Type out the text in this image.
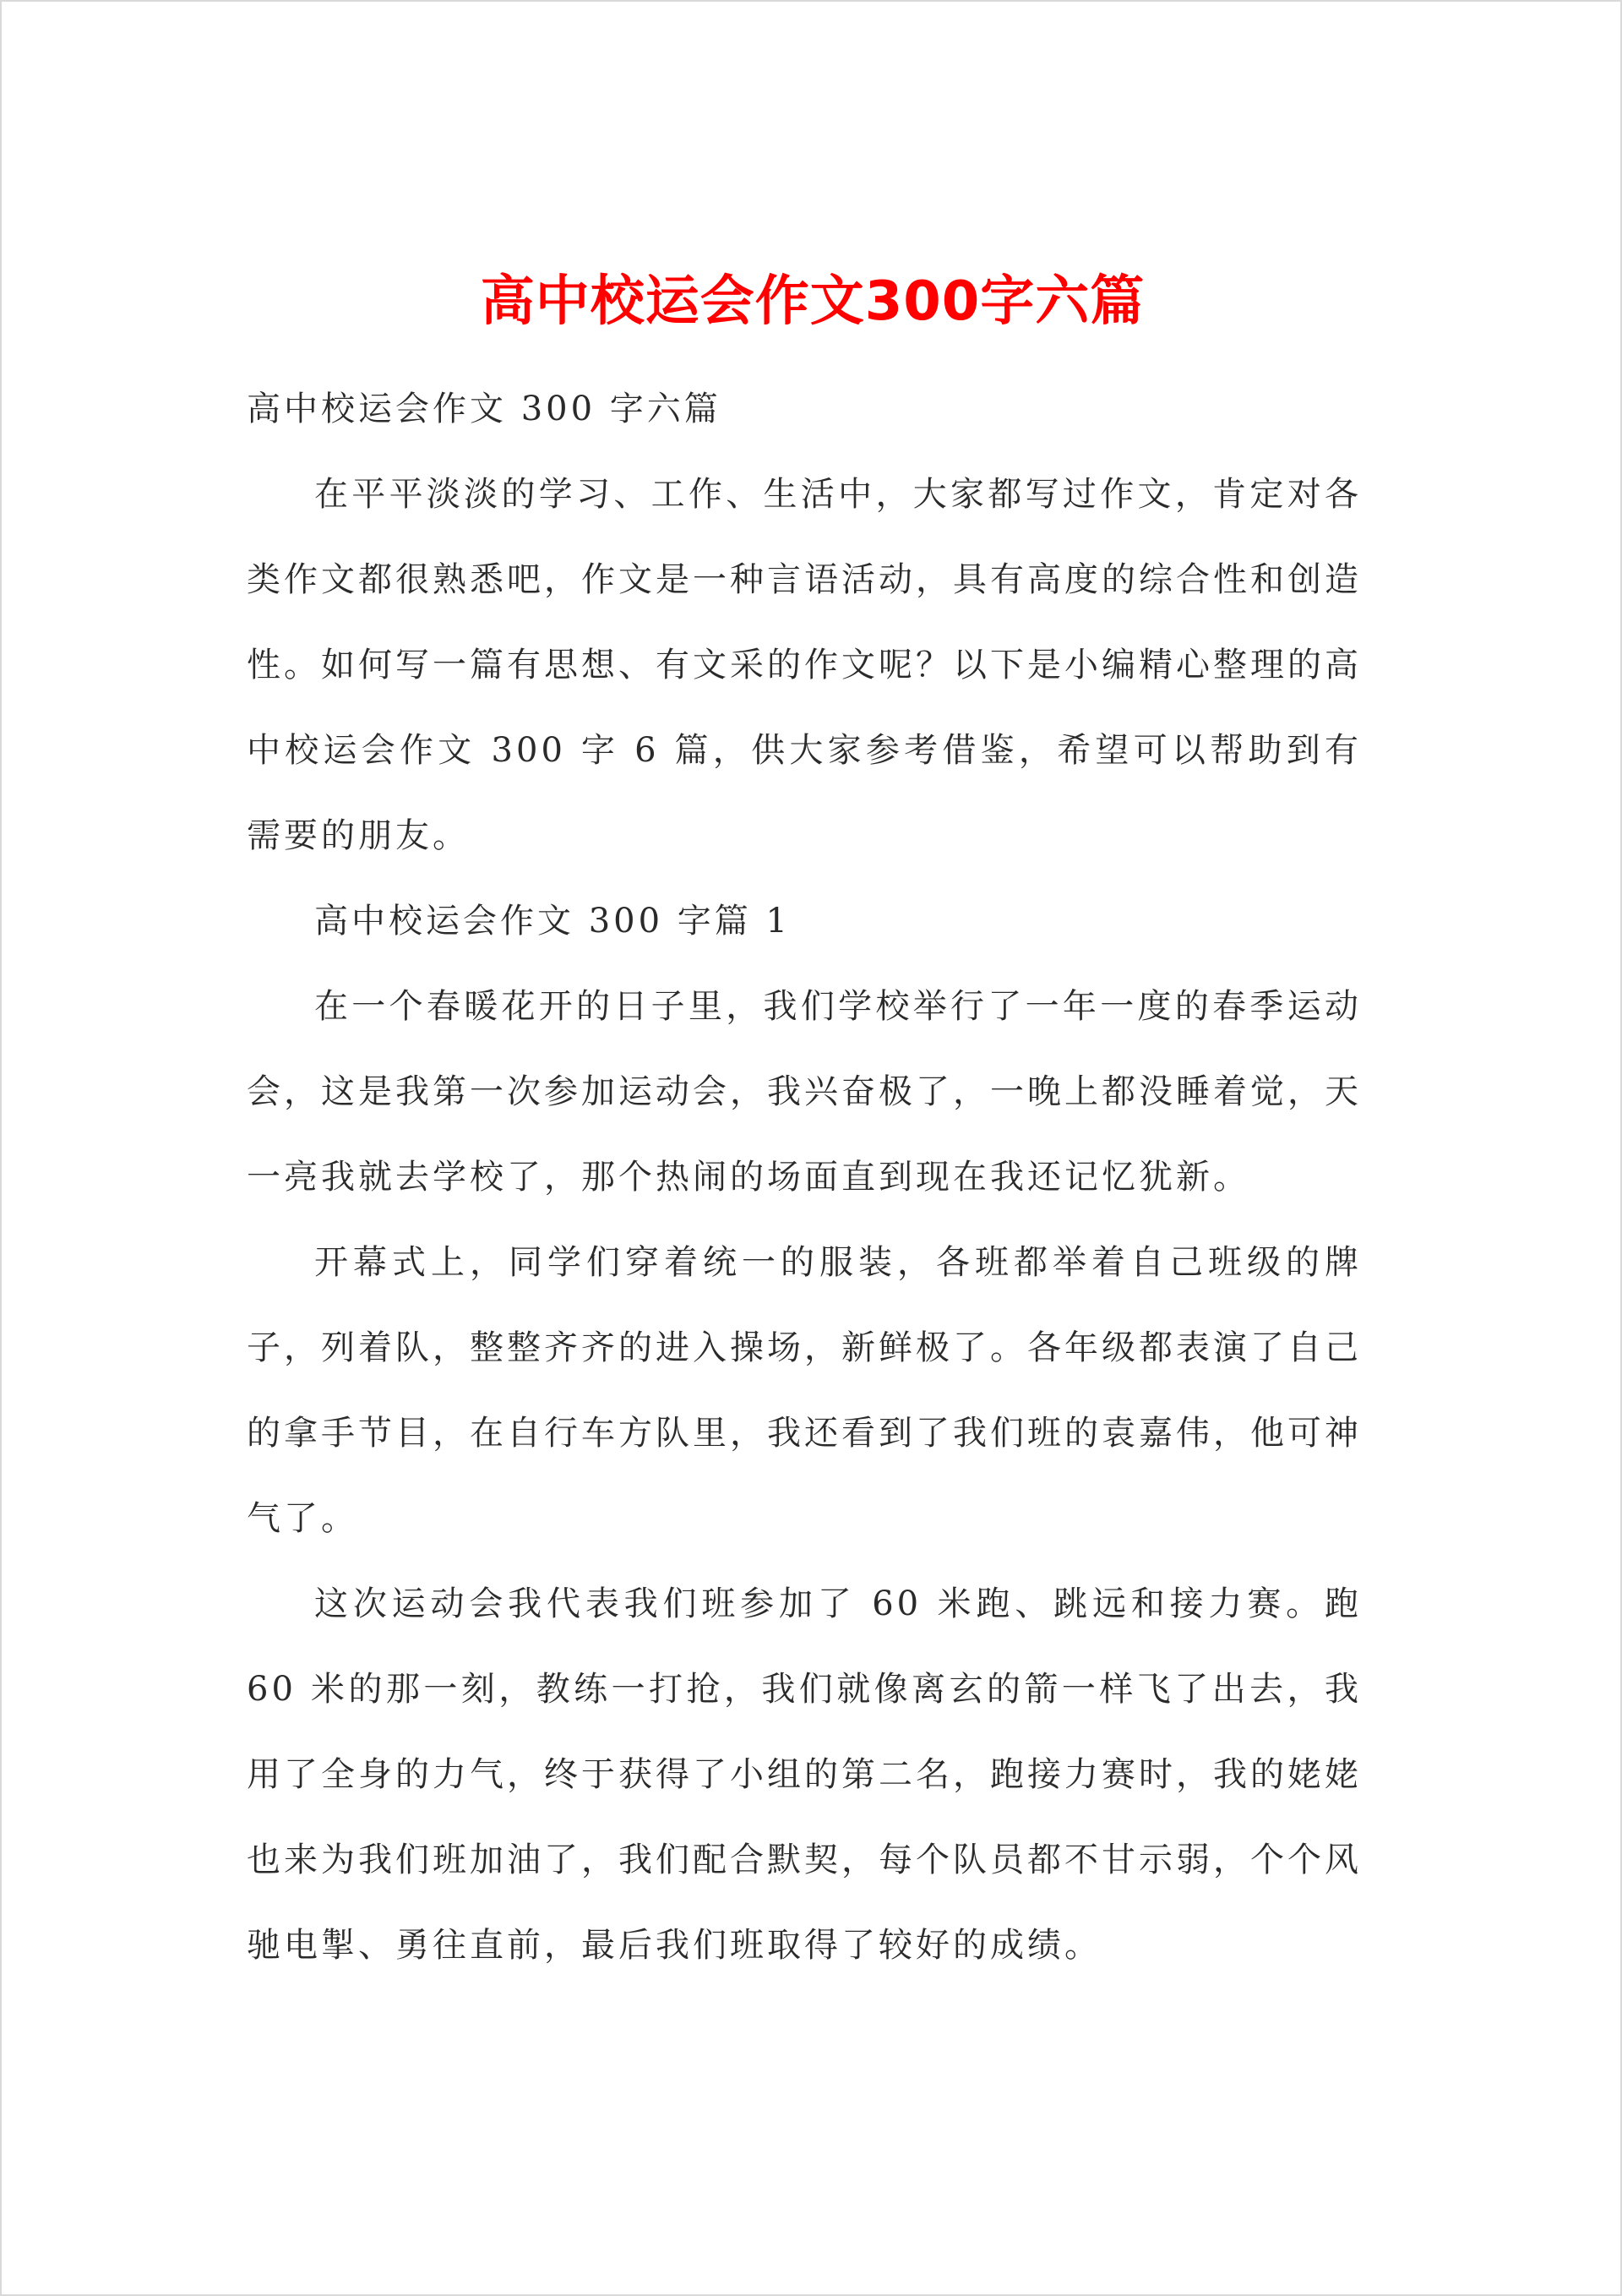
高中校运会作文300字六篇

高中校运会作文 300 字六篇

在平平淡淡的学习、工作、生活中，大家都写过作文，肯定对各类作文都很熟悉吧，作文是一种言语活动，具有高度的综合性和创造性。如何写一篇有思想、有文采的作文呢？以下是小编精心整理的高中校运会作文 300 字 6 篇，供大家参考借鉴，希望可以帮助到有需要的朋友。

高中校运会作文 300 字篇 1

在一个春暖花开的日子里，我们学校举行了一年一度的春季运动会，这是我第一次参加运动会，我兴奋极了，一晚上都没睡着觉，天一亮我就去学校了，那个热闹的场面直到现在我还记忆犹新。

开幕式上，同学们穿着统一的服装，各班都举着自己班级的牌子，列着队，整整齐齐的进入操场，新鲜极了。各年级都表演了自己的拿手节目，在自行车方队里，我还看到了我们班的袁嘉伟，他可神气了。

这次运动会我代表我们班参加了 60 米跑、跳远和接力赛。跑 60 米的那一刻，教练一打抢，我们就像离玄的箭一样飞了出去，我用了全身的力气，终于获得了小组的第二名，跑接力赛时，我的姥姥也来为我们班加油了，我们配合默契，每个队员都不甘示弱，个个风驰电掣、勇往直前，最后我们班取得了较好的成绩。
